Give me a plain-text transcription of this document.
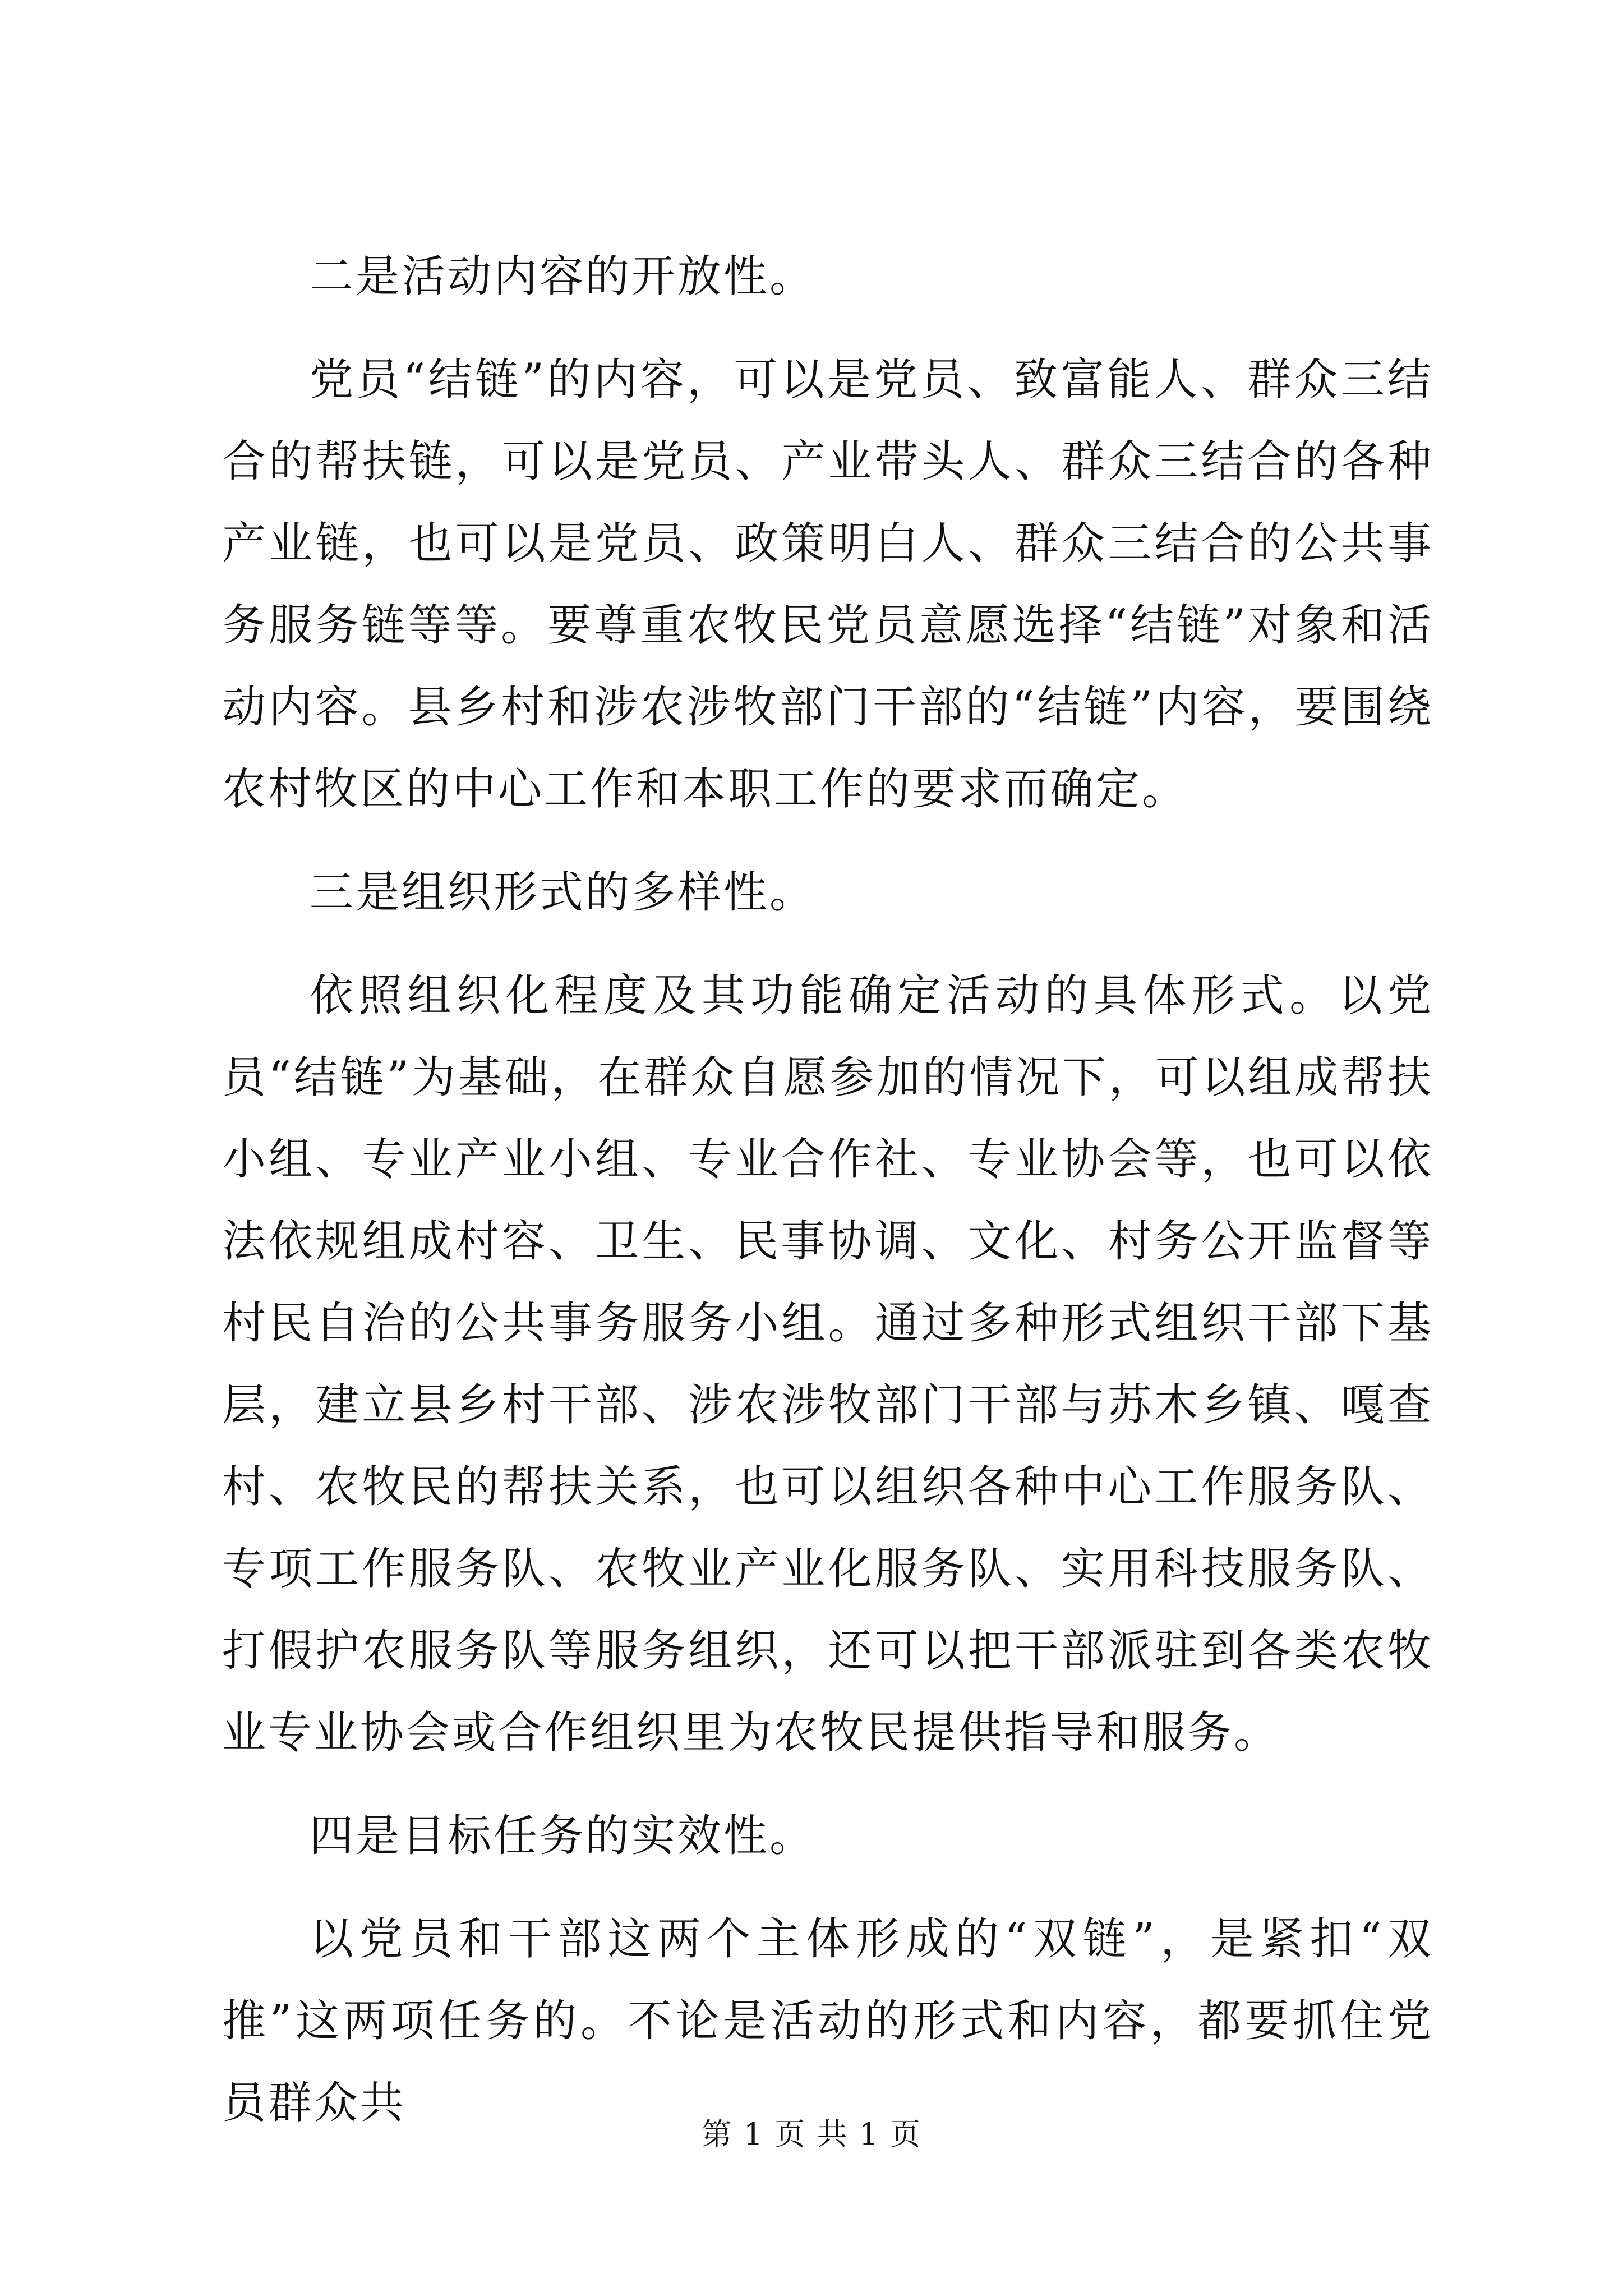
二是活动内容的开放性。

党员“结链”的内容，可以是党员、致富能人、群众三结合的帮扶链，可以是党员、产业带头人、群众三结合的各种产业链，也可以是党员、政策明白人、群众三结合的公共事务服务链等等。要尊重农牧民党员意愿选择“结链”对象和活动内容。县乡村和涉农涉牧部门干部的“结链”内容，要围绕农村牧区的中心工作和本职工作的要求而确定。

三是组织形式的多样性。

依照组织化程度及其功能确定活动的具体形式。以党员“结链”为基础，在群众自愿参加的情况下，可以组成帮扶小组、专业产业小组、专业合作社、专业协会等，也可以依法依规组成村容、卫生、民事协调、文化、村务公开监督等村民自治的公共事务服务小组。通过多种形式组织干部下基层，建立县乡村干部、涉农涉牧部门干部与苏木乡镇、嘎查村、农牧民的帮扶关系，也可以组织各种中心工作服务队、专项工作服务队、农牧业产业化服务队、实用科技服务队、打假护农服务队等服务组织，还可以把干部派驻到各类农牧业专业协会或合作组织里为农牧民提供指导和服务。

四是目标任务的实效性。

以党员和干部这两个主体形成的“双链”，是紧扣“双推”这两项任务的。不论是活动的形式和内容，都要抓住党员群众共

第 1 页 共 1 页
